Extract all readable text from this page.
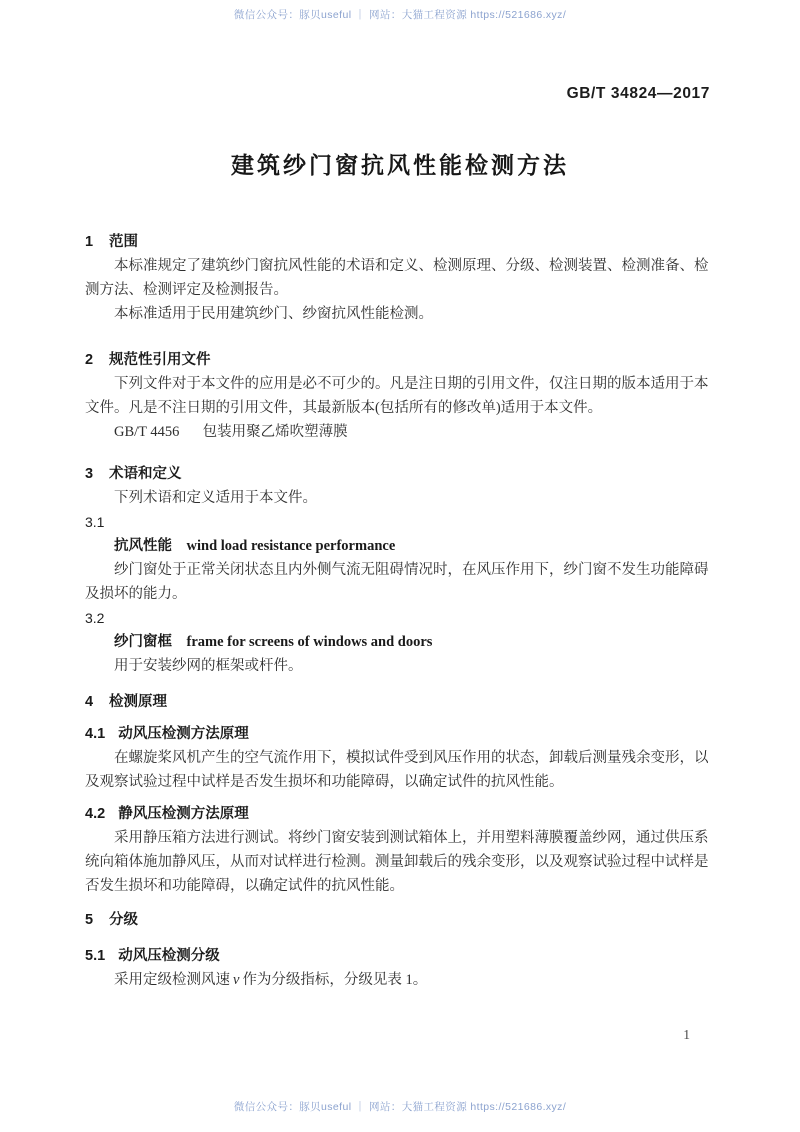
微信公众号：豚贝useful ｜ 网站：大猫工程资源 https://521686.xyz/
GB/T 34824—2017
建筑纱门窗抗风性能检测方法
1 范围

本标准规定了建筑纱门窗抗风性能的术语和定义、检测原理、分级、检测装置、检测准备、检测方法、检测评定及检测报告。

本标准适用于民用建筑纱门、纱窗抗风性能检测。

2 规范性引用文件

下列文件对于本文件的应用是必不可少的。凡是注日期的引用文件，仅注日期的版本适用于本文件。凡是不注日期的引用文件，其最新版本(包括所有的修改单)适用于本文件。

GB/T 4456 包装用聚乙烯吹塑薄膜

3 术语和定义

下列术语和定义适用于本文件。

3.1

抗风性能 wind load resistance performance

纱门窗处于正常关闭状态且内外侧气流无阻碍情况时，在风压作用下，纱门窗不发生功能障碍及损坏的能力。

3.2

纱门窗框 frame for screens of windows and doors

用于安装纱网的框架或杆件。

4 检测原理
4.1 动风压检测方法原理

在螺旋桨风机产生的空气流作用下，模拟试件受到风压作用的状态，卸载后测量残余变形，以及观察试验过程中试样是否发生损坏和功能障碍，以确定试件的抗风性能。

4.2 静风压检测方法原理

采用静压箱方法进行测试。将纱门窗安装到测试箱体上，并用塑料薄膜覆盖纱网，通过供压系统向箱体施加静风压，从而对试样进行检测。测量卸载后的残余变形，以及观察试验过程中试样是否发生损坏和功能障碍，以确定试件的抗风性能。

5 分级
5.1 动风压检测分级

采用定级检测风速 v 作为分级指标，分级见表 1。

1
微信公众号：豚贝useful ｜ 网站：大猫工程资源 https://521686.xyz/
